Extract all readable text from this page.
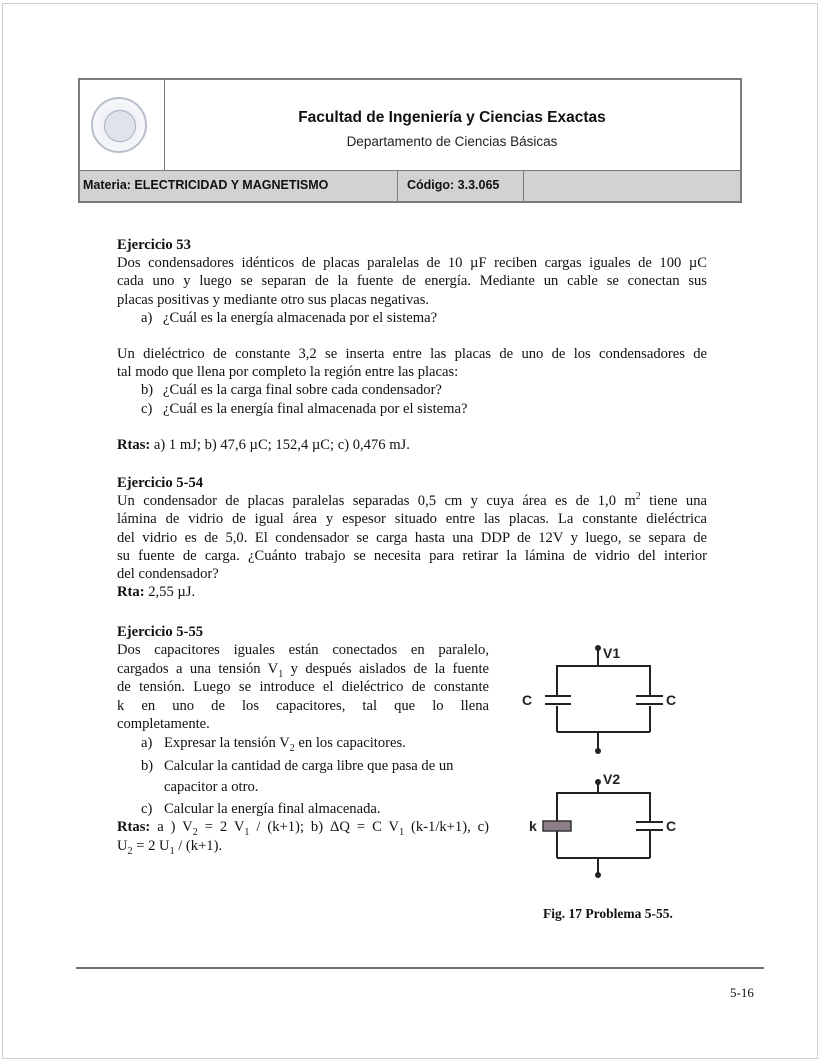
Facultad de Ingeniería y Ciencias Exactas
Departamento de Ciencias Básicas
Materia: ELECTRICIDAD Y MAGNETISMO	Código: 3.3.065
Ejercicio 53
Dos condensadores idénticos de placas paralelas de 10 µF reciben cargas iguales de 100 µC
cada uno y luego se separan de la fuente de energía. Mediante un cable se conectan sus
placas positivas y mediante otro sus placas negativas.
a) ¿Cuál es la energía almacenada por el sistema?
Un dieléctrico de constante 3,2 se inserta entre las placas de uno de los condensadores de
tal modo que llena por completo la región entre las placas:
b) ¿Cuál es la carga final sobre cada condensador?
c) ¿Cuál es la energía final almacenada por el sistema?
Rtas: a) 1 mJ; b) 47,6 µC; 152,4 µC; c) 0,476 mJ.
Ejercicio 5-54
Un condensador de placas paralelas separadas 0,5 cm y cuya área es de 1,0 $m^2$ tiene una
lámina de vidrio de igual área y espesor situado entre las placas. La constante dieléctrica
del vidrio es de 5,0. El condensador se carga hasta una DDP de 12V y luego, se separa de
su fuente de carga. ¿Cuánto trabajo se necesita para retirar la lámina de vidrio del interior
del condensador?
Rta: 2,55 µJ.
Ejercicio 5-55
Dos capacitores iguales están conectados en paralelo,
cargados a una tensión $V_1$ y después aislados de la fuente
de tensión. Luego se introduce el dieléctrico de constante
k en uno de los capacitores, tal que lo llena
completamente.
a) Expresar la tensión $V_2$ en los capacitores.
b) Calcular la cantidad de carga libre que pasa de un capacitor a otro.
c) Calcular la energía final almacenada.
Rtas: a ) $V_2 = 2$ $V_1 / (k+1)$; b) ΔQ = C $V_1$ (k-1/k+1), c)
$U_2 = 2$ $U_1 / (k+1)$.
V1
C	C
V2
k	C
Fig. 17 Problema 5-55.
5-16
